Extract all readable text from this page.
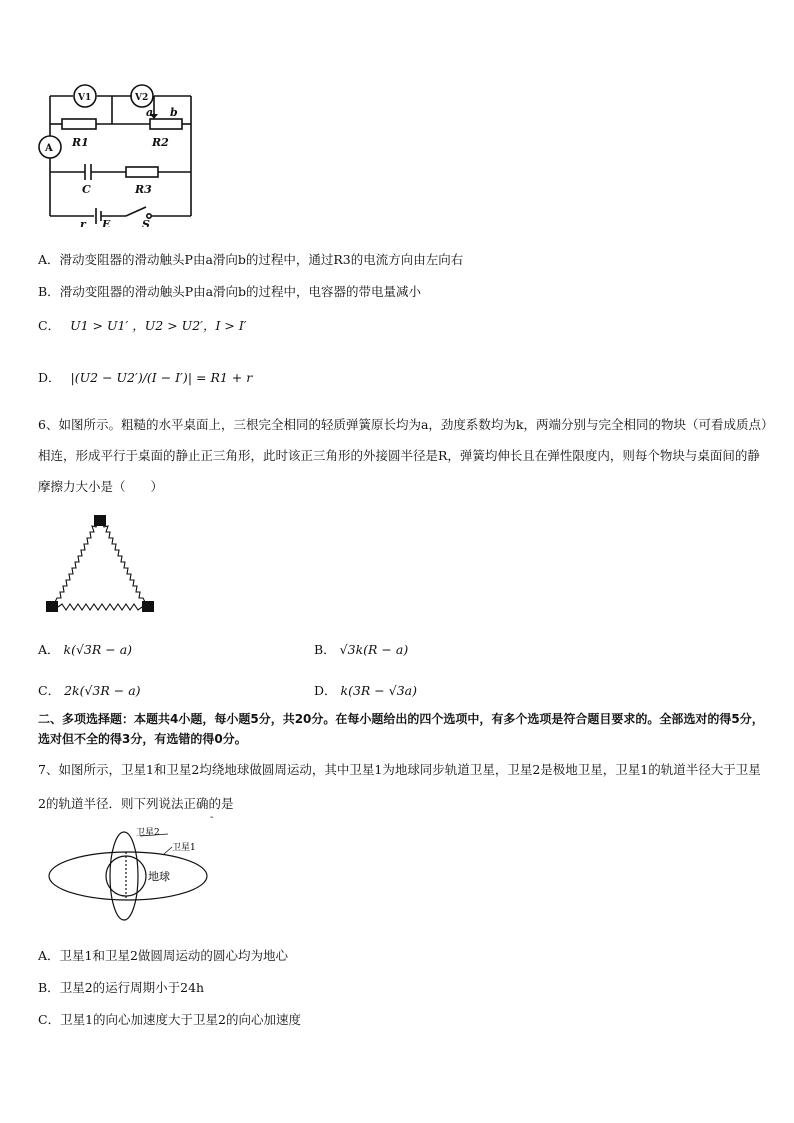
V1	V2
A
a b
R1	R2
C	R3
r E	S
A．滑动变阻器的滑动触头P由a滑向b的过程中，通过R3的电流方向由左向右
B．滑动变阻器的滑动触头P由a滑向b的过程中，电容器的带电量减小
C． U1 > U1′ ，U2 > U2′，I > I′
D． |(U2 − U2′)/(I − I′)| = R1 + r
6、如图所示。粗糙的水平桌面上，三根完全相同的轻质弹簧原长均为a，劲度系数均为k，两端分别与完全相同的物块（可看成质点）相连，形成平行于桌面的静止正三角形，此时该正三角形的外接圆半径是R，弹簧均伸长且在弹性限度内，则每个物块与桌面间的静摩擦力大小是（　　）
A． k(√3R − a)	B． √3k(R − a)
C． 2k(√3R − a)	D． k(3R − √3a)
二、多项选择题：本题共4小题，每小题5分，共20分。在每小题给出的四个选项中，有多个选项是符合题目要求的。全部选对的得5分，选对但不全的得3分，有选错的得0分。
7、如图所示，卫星1和卫星2均绕地球做圆周运动，其中卫星1为地球同步轨道卫星，卫星2是极地卫星，卫星1的轨道半径大于卫星2的轨道半径．则下列说法正确的是
卫星2
卫星1
地球
-
A．卫星1和卫星2做圆周运动的圆心均为地心
B．卫星2的运行周期小于24h
C．卫星1的向心加速度大于卫星2的向心加速度
